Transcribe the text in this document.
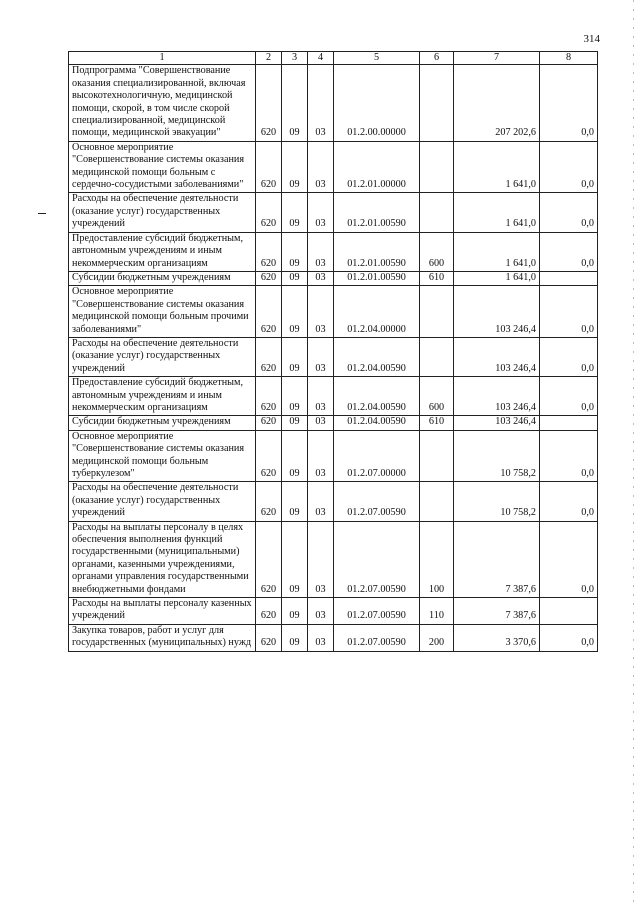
314
1	2	3	4	5	6	7	8
Подпрограмма "Совершенствование оказания специализированной, включая высокотехнологичную, медицинской помощи, скорой, в том числе скорой специализированной, медицинской помощи, медицинской эвакуации"	620	09	03	01.2.00.00000		207 202,6	0,0
Основное мероприятие "Совершенствование системы оказания медицинской помощи больным с сердечно-сосудистыми заболеваниями"	620	09	03	01.2.01.00000		1 641,0	0,0
Расходы на обеспечение деятельности (оказание услуг) государственных учреждений	620	09	03	01.2.01.00590		1 641,0	0,0
Предоставление субсидий бюджетным, автономным учреждениям и иным некоммерческим организациям	620	09	03	01.2.01.00590	600	1 641,0	0,0
Субсидии бюджетным учреждениям	620	09	03	01.2.01.00590	610	1 641,0	
Основное мероприятие "Совершенствование системы оказания медицинской помощи больным прочими заболеваниями"	620	09	03	01.2.04.00000		103 246,4	0,0
Расходы на обеспечение деятельности (оказание услуг) государственных учреждений	620	09	03	01.2.04.00590		103 246,4	0,0
Предоставление субсидий бюджетным, автономным учреждениям и иным некоммерческим организациям	620	09	03	01.2.04.00590	600	103 246,4	0,0
Субсидии бюджетным учреждениям	620	09	03	01.2.04.00590	610	103 246,4	
Основное мероприятие "Совершенствование системы оказания медицинской помощи больным туберкулезом"	620	09	03	01.2.07.00000		10 758,2	0,0
Расходы на обеспечение деятельности (оказание услуг) государственных учреждений	620	09	03	01.2.07.00590		10 758,2	0,0
Расходы на выплаты персоналу в целях обеспечения выполнения функций государственными (муниципальными) органами, казенными учреждениями, органами управления государственными внебюджетными фондами	620	09	03	01.2.07.00590	100	7 387,6	0,0
Расходы на выплаты персоналу казенных учреждений	620	09	03	01.2.07.00590	110	7 387,6	
Закупка товаров, работ и услуг для государственных (муниципальных) нужд	620	09	03	01.2.07.00590	200	3 370,6	0,0
